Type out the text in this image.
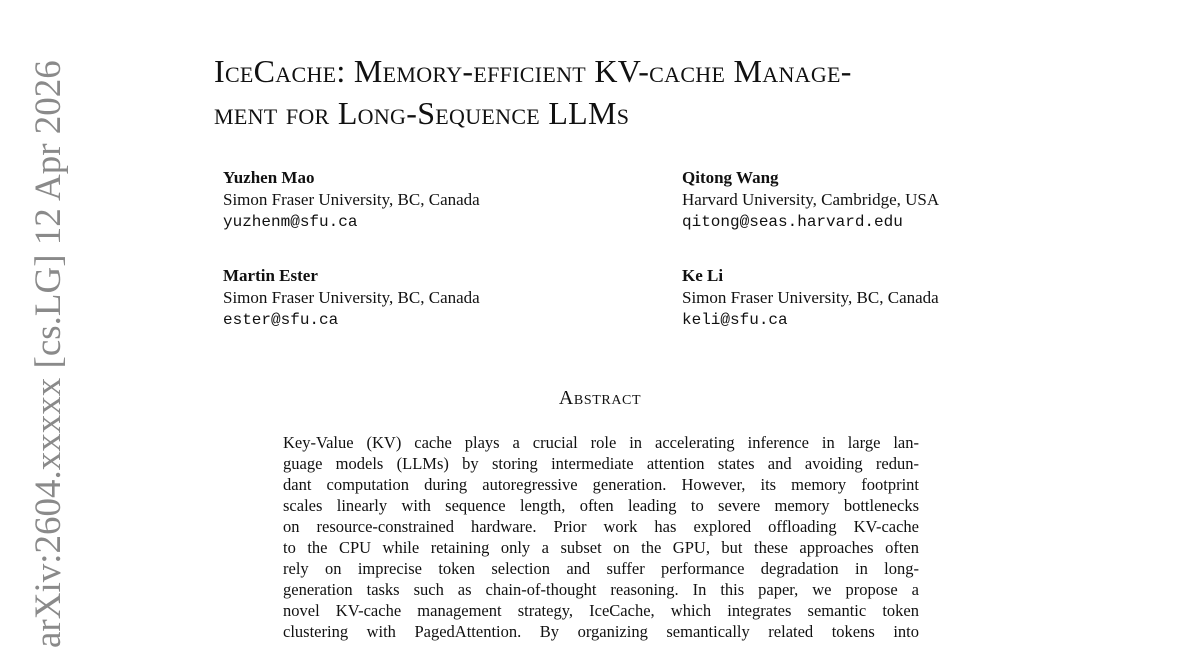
arXiv:2604.xxxxx [cs.LG] 12 Apr 2026	IceCache: Memory-efficient KV-cache Manage-
ment for Long-Sequence LLMs
Yuzhen Mao
Simon Fraser University, BC, Canada
yuzhenm@sfu.ca
Qitong Wang
Harvard University, Cambridge, USA
qitong@seas.harvard.edu
Martin Ester
Simon Fraser University, BC, Canada
ester@sfu.ca
Ke Li
Simon Fraser University, BC, Canada
keli@sfu.ca
Abstract
Key-Value (KV) cache plays a crucial role in accelerating inference in large lan-
guage models (LLMs) by storing intermediate attention states and avoiding redun-
dant computation during autoregressive generation. However, its memory footprint
scales linearly with sequence length, often leading to severe memory bottlenecks
on resource-constrained hardware. Prior work has explored offloading KV-cache
to the CPU while retaining only a subset on the GPU, but these approaches often
rely on imprecise token selection and suffer performance degradation in long-
generation tasks such as chain-of-thought reasoning. In this paper, we propose a
novel KV-cache management strategy, IceCache, which integrates semantic token
clustering with PagedAttention. By organizing semantically related tokens into
